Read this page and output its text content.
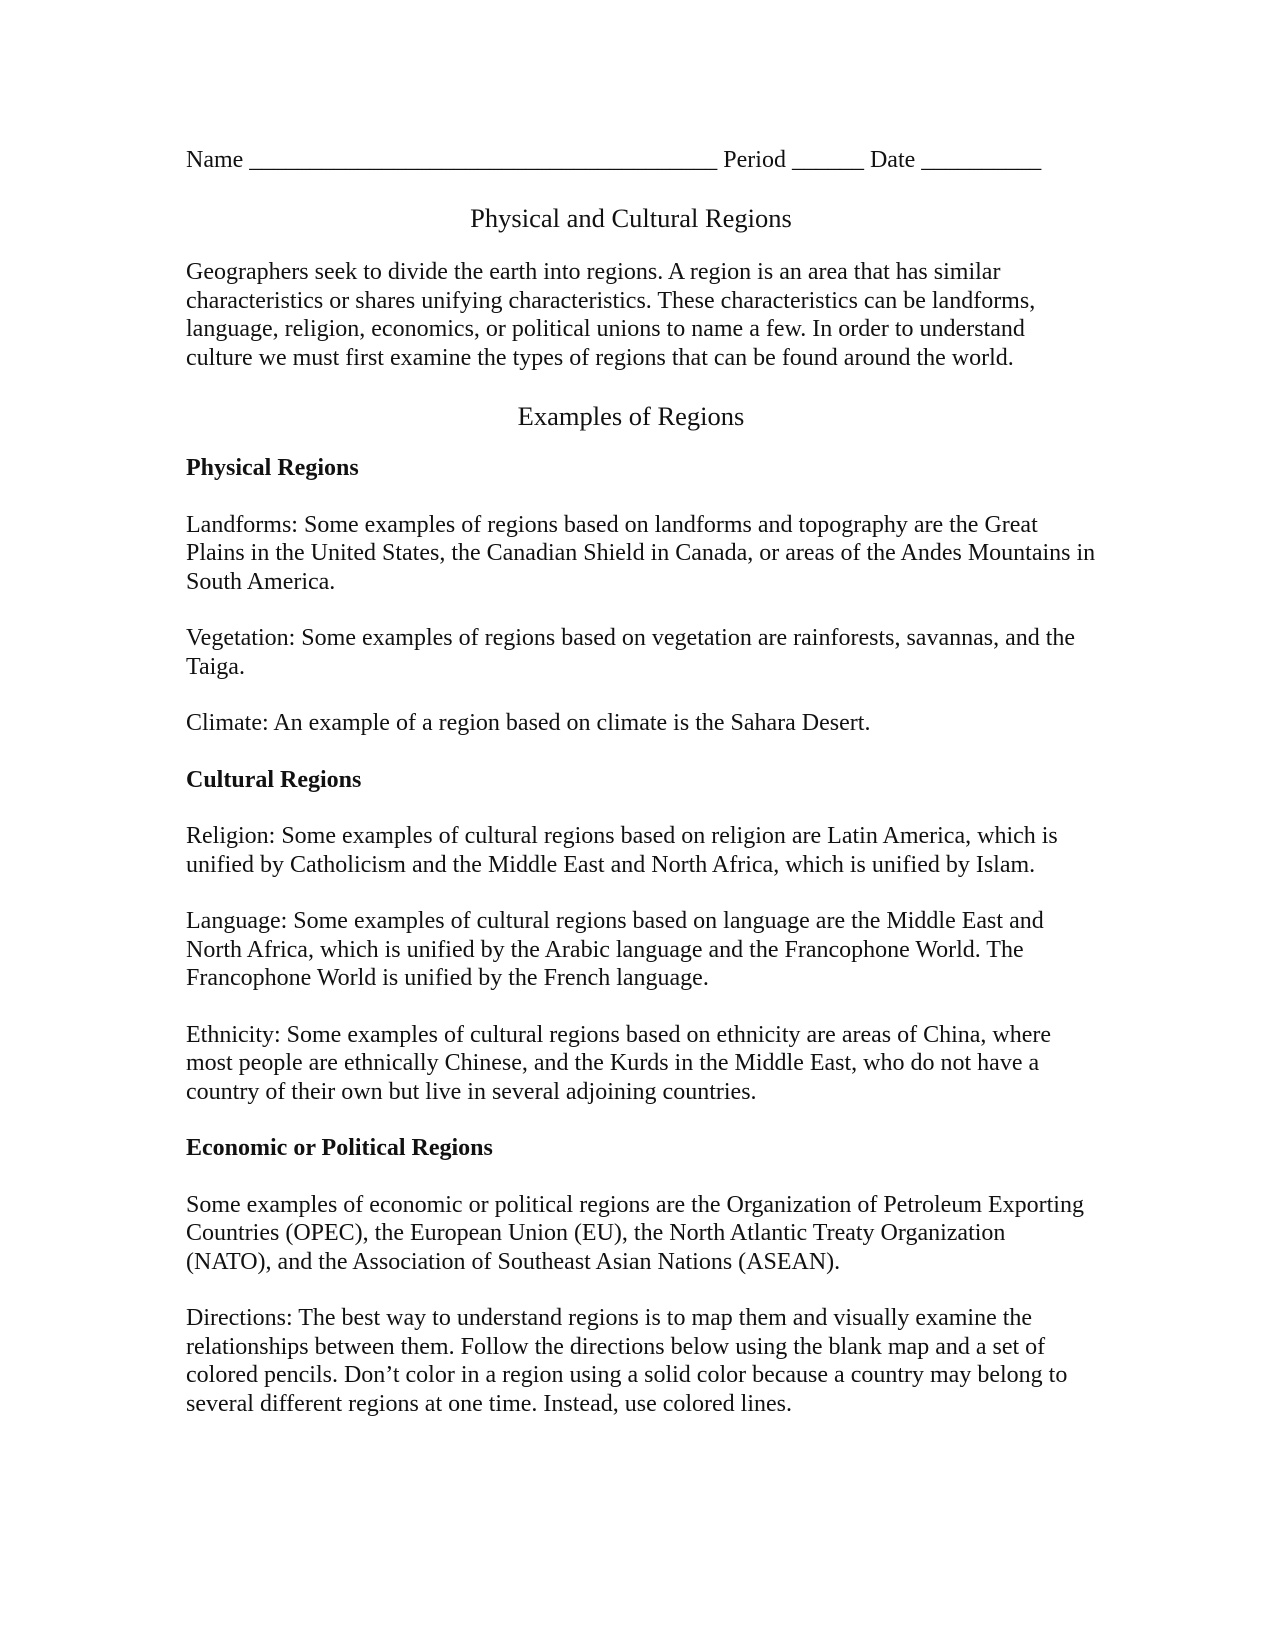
Name _______________________________________ Period ______ Date __________
Physical and Cultural Regions

Geographers seek to divide the earth into regions. A region is an area that has similar characteristics or shares unifying characteristics. These characteristics can be landforms, language, religion, economics, or political unions to name a few. In order to understand culture we must first examine the types of regions that can be found around the world.

Examples of Regions
Physical Regions

Landforms: Some examples of regions based on landforms and topography are the Great Plains in the United States, the Canadian Shield in Canada, or areas of the Andes Mountains in South America.

Vegetation: Some examples of regions based on vegetation are rainforests, savannas, and the Taiga.

Climate: An example of a region based on climate is the Sahara Desert.

Cultural Regions

Religion: Some examples of cultural regions based on religion are Latin America, which is unified by Catholicism and the Middle East and North Africa, which is unified by Islam.

Language: Some examples of cultural regions based on language are the Middle East and North Africa, which is unified by the Arabic language and the Francophone World. The Francophone World is unified by the French language.

Ethnicity: Some examples of cultural regions based on ethnicity are areas of China, where most people are ethnically Chinese, and the Kurds in the Middle East, who do not have a country of their own but live in several adjoining countries.

Economic or Political Regions

Some examples of economic or political regions are the Organization of Petroleum Exporting Countries (OPEC), the European Union (EU), the North Atlantic Treaty Organization (NATO), and the Association of Southeast Asian Nations (ASEAN).

Directions: The best way to understand regions is to map them and visually examine the relationships between them. Follow the directions below using the blank map and a set of colored pencils. Don’t color in a region using a solid color because a country may belong to several different regions at one time. Instead, use colored lines.
